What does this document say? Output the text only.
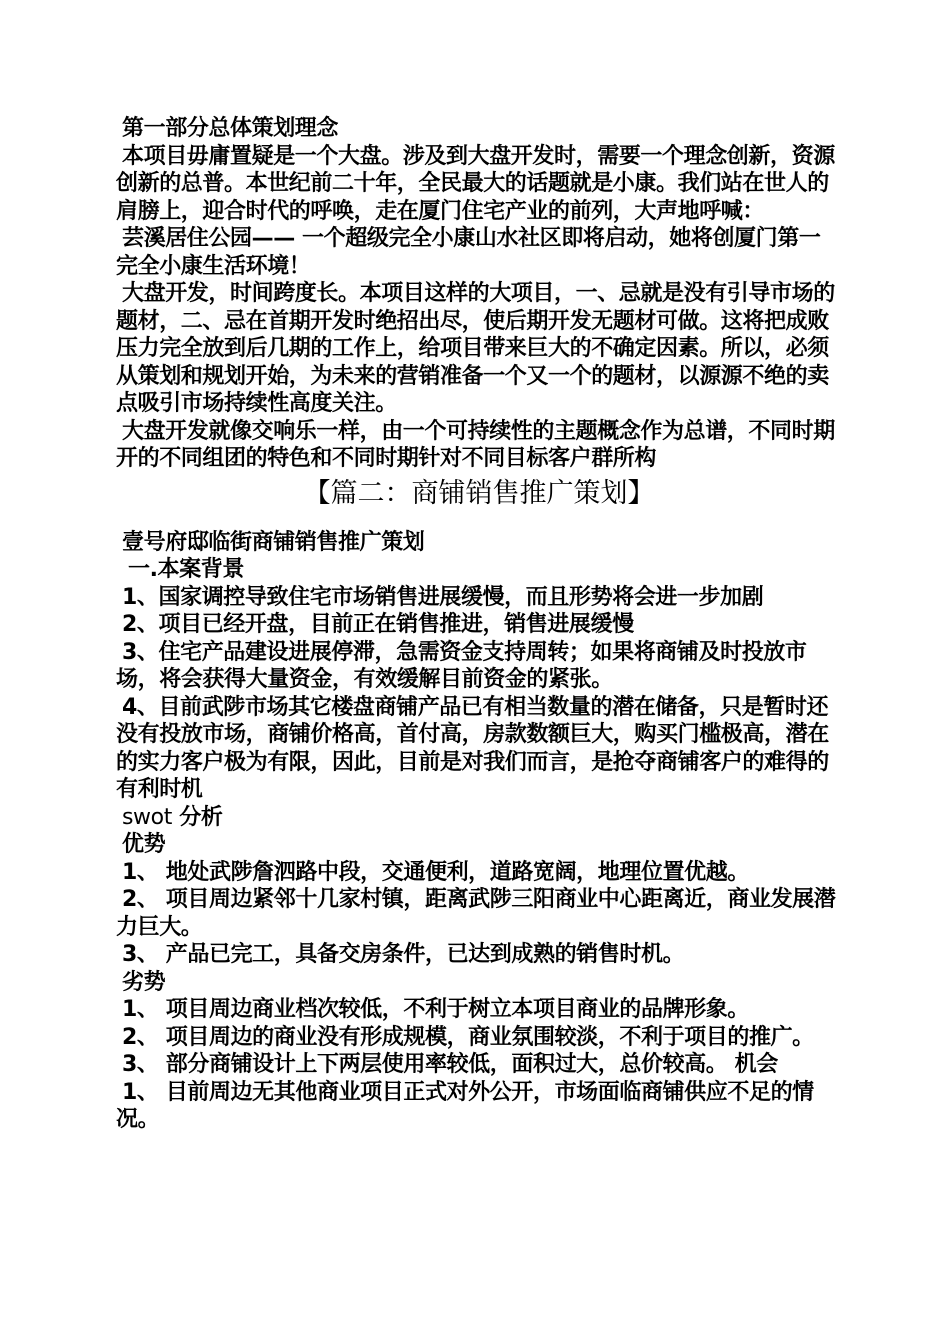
第一部分总体策划理念

本项目毋庸置疑是一个大盘。涉及到大盘开发时，需要一个理念创新，资源创新的总普。本世纪前二十年，全民最大的话题就是小康。我们站在世人的肩膀上，迎合时代的呼唤，走在厦门住宅产业的前列，大声地呼喊：

芸溪居住公园—— 一个超级完全小康山水社区即将启动，她将创厦门第一完全小康生活环境！

大盘开发，时间跨度长。本项目这样的大项目，一、忌就是没有引导市场的题材，二、忌在首期开发时绝招出尽，使后期开发无题材可做。这将把成败压力完全放到后几期的工作上，给项目带来巨大的不确定因素。所以，必须从策划和规划开始，为未来的营销准备一个又一个的题材，以源源不绝的卖点吸引市场持续性高度关注。

大盘开发就像交响乐一样，由一个可持续性的主题概念作为总谱，不同时期开的不同组团的特色和不同时期针对不同目标客户群所构

【篇二：商铺销售推广策划】

壹号府邸临街商铺销售推广策划

一.本案背景

1、国家调控导致住宅市场销售进展缓慢，而且形势将会进一步加剧

2、项目已经开盘，目前正在销售推进，销售进展缓慢

3、住宅产品建设进展停滞，急需资金支持周转；如果将商铺及时投放市场，将会获得大量资金，有效缓解目前资金的紧张。

4、目前武陟市场其它楼盘商铺产品已有相当数量的潜在储备，只是暂时还没有投放市场，商铺价格高，首付高，房款数额巨大，购买门槛极高，潜在的实力客户极为有限，因此，目前是对我们而言，是抢夺商铺客户的难得的有利时机

swot 分析

优势

1、 地处武陟詹泗路中段，交通便利，道路宽阔，地理位置优越。

2、 项目周边紧邻十几家村镇，距离武陟三阳商业中心距离近，商业发展潜力巨大。

3、 产品已完工，具备交房条件，已达到成熟的销售时机。

劣势

1、 项目周边商业档次较低，不利于树立本项目商业的品牌形象。

2、 项目周边的商业没有形成规模，商业氛围较淡，不利于项目的推广。

3、 部分商铺设计上下两层使用率较低，面积过大，总价较高。 机会

1、 目前周边无其他商业项目正式对外公开，市场面临商铺供应不足的情况。
